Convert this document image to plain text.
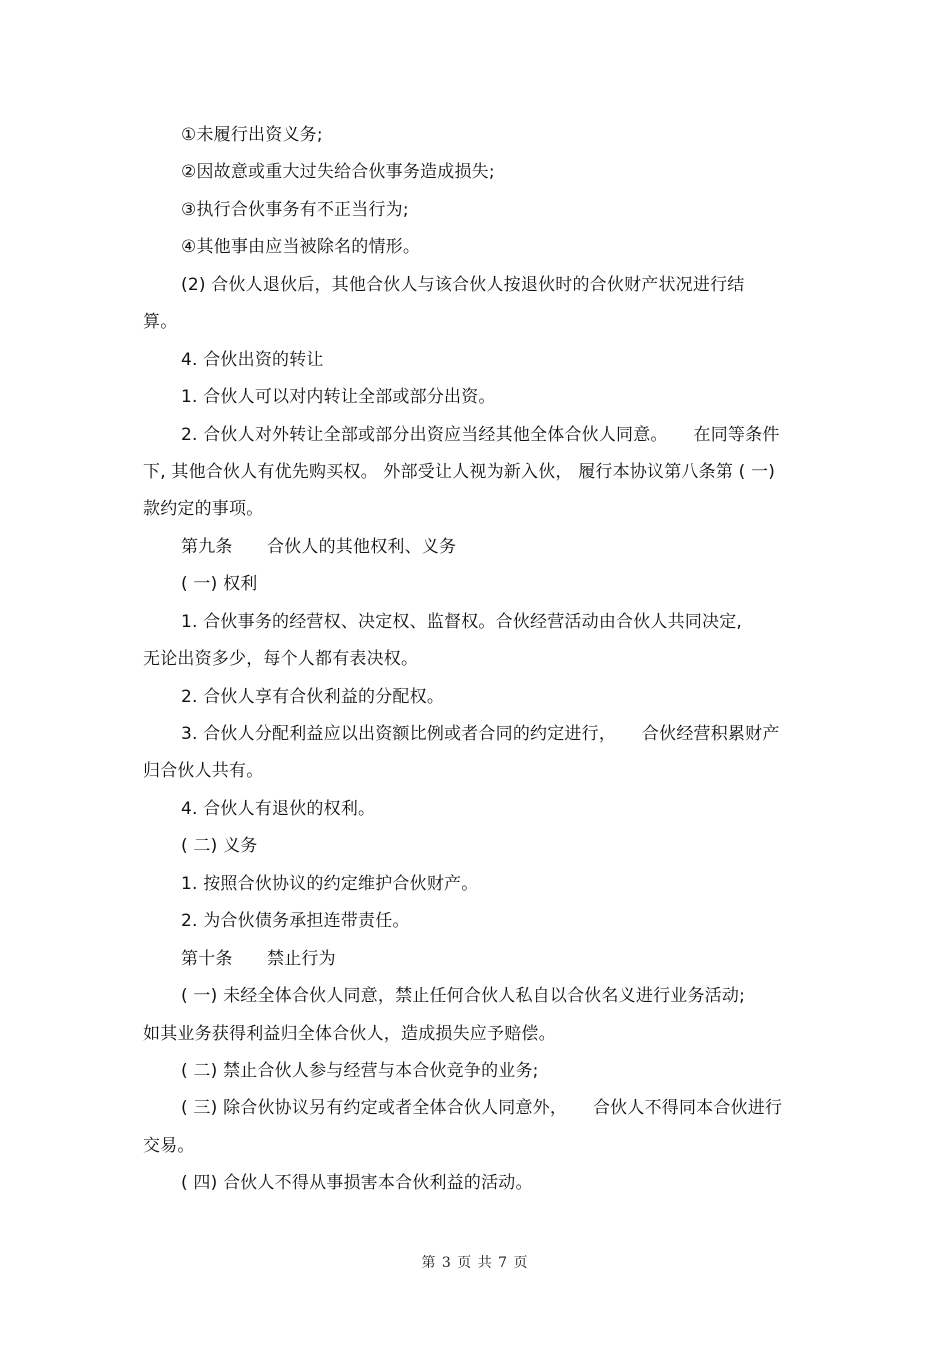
①未履行出资义务;
②因故意或重大过失给合伙事务造成损失;
③执行合伙事务有不正当行为;
④其他事由应当被除名的情形。
(2) 合伙人退伙后，其他合伙人与该合伙人按退伙时的合伙财产状况进行结
算。
4. 合伙出资的转让
1. 合伙人可以对内转让全部或部分出资。
2. 合伙人对外转让全部或部分出资应当经其他全体合伙人同意。　　在同等条件
下, 其他合伙人有优先购买权。 外部受让人视为新入伙， 履行本协议第八条第 ( 一)
款约定的事项。
第九条　　合伙人的其他权利、义务
( 一) 权利
1. 合伙事务的经营权、决定权、监督权。合伙经营活动由合伙人共同决定,
无论出资多少，每个人都有表决权。
2. 合伙人享有合伙利益的分配权。
3. 合伙人分配利益应以出资额比例或者合同的约定进行，　　合伙经营积累财产
归合伙人共有。
4. 合伙人有退伙的权利。
( 二) 义务
1. 按照合伙协议的约定维护合伙财产。
2. 为合伙债务承担连带责任。
第十条　　禁止行为
( 一) 未经全体合伙人同意，禁止任何合伙人私自以合伙名义进行业务活动;
如其业务获得利益归全体合伙人，造成损失应予赔偿。
( 二) 禁止合伙人参与经营与本合伙竞争的业务;
( 三) 除合伙协议另有约定或者全体合伙人同意外，　　合伙人不得同本合伙进行
交易。
( 四) 合伙人不得从事损害本合伙利益的活动。
第 3 页 共 7 页
